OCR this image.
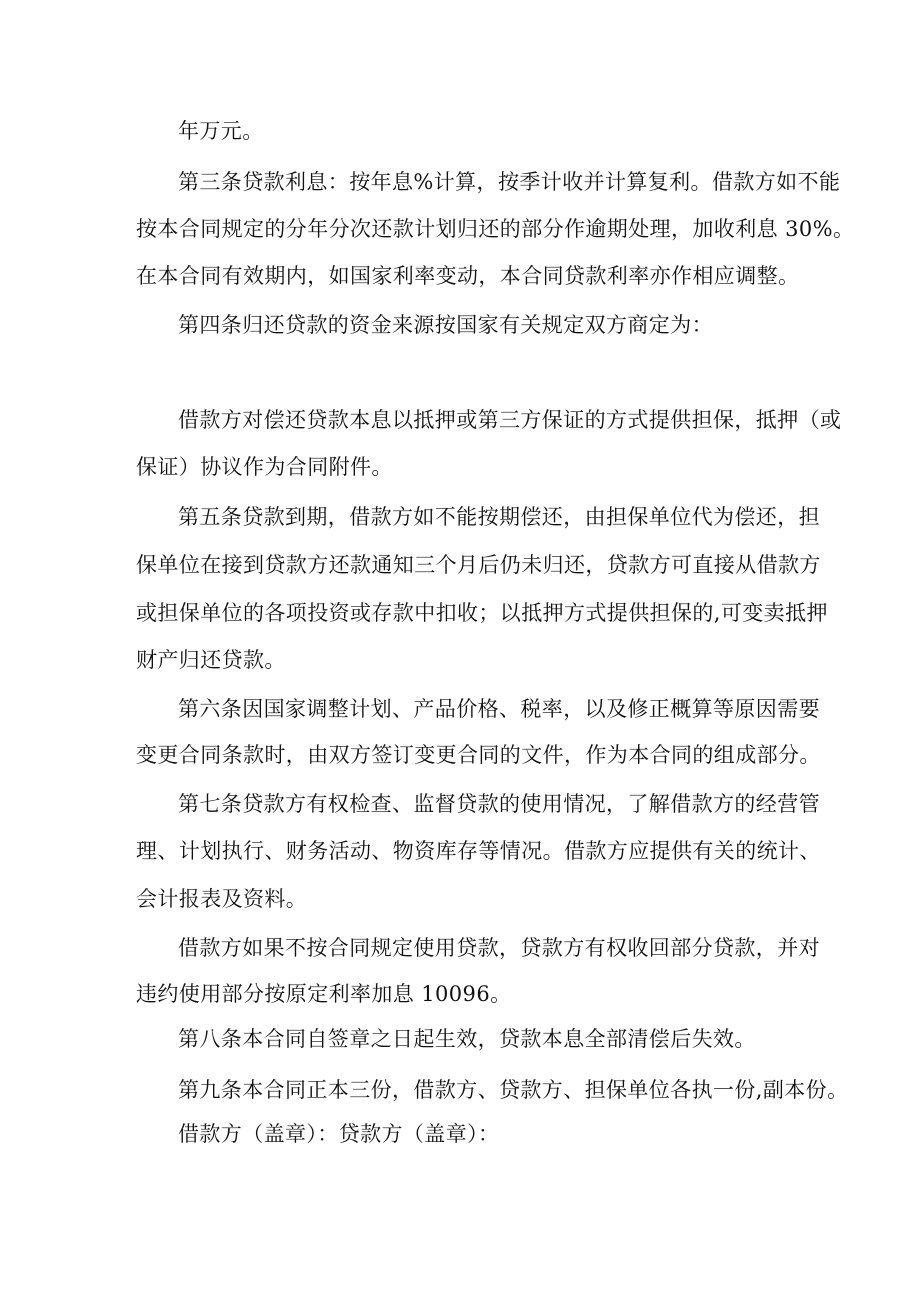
年万元。

第三条贷款利息：按年息%计算，按季计收并计算复利。借款方如不能

按本合同规定的分年分次还款计划归还的部分作逾期处理，加收利息 30%。

在本合同有效期内，如国家利率变动，本合同贷款利率亦作相应调整。

第四条归还贷款的资金来源按国家有关规定双方商定为：

借款方对偿还贷款本息以抵押或第三方保证的方式提供担保，抵押（或

保证）协议作为合同附件。

第五条贷款到期，借款方如不能按期偿还，由担保单位代为偿还，担

保单位在接到贷款方还款通知三个月后仍未归还，贷款方可直接从借款方

或担保单位的各项投资或存款中扣收；以抵押方式提供担保的,可变卖抵押

财产归还贷款。

第六条因国家调整计划、产品价格、税率，以及修正概算等原因需要

变更合同条款时，由双方签订变更合同的文件，作为本合同的组成部分。

第七条贷款方有权检查、监督贷款的使用情况，了解借款方的经营管

理、计划执行、财务活动、物资库存等情况。借款方应提供有关的统计、

会计报表及资料。

借款方如果不按合同规定使用贷款，贷款方有权收回部分贷款，并对

违约使用部分按原定利率加息 10096。

第八条本合同自签章之日起生效，贷款本息全部清偿后失效。

第九条本合同正本三份，借款方、贷款方、担保单位各执一份,副本份。

借款方（盖章）：贷款方（盖章）：
